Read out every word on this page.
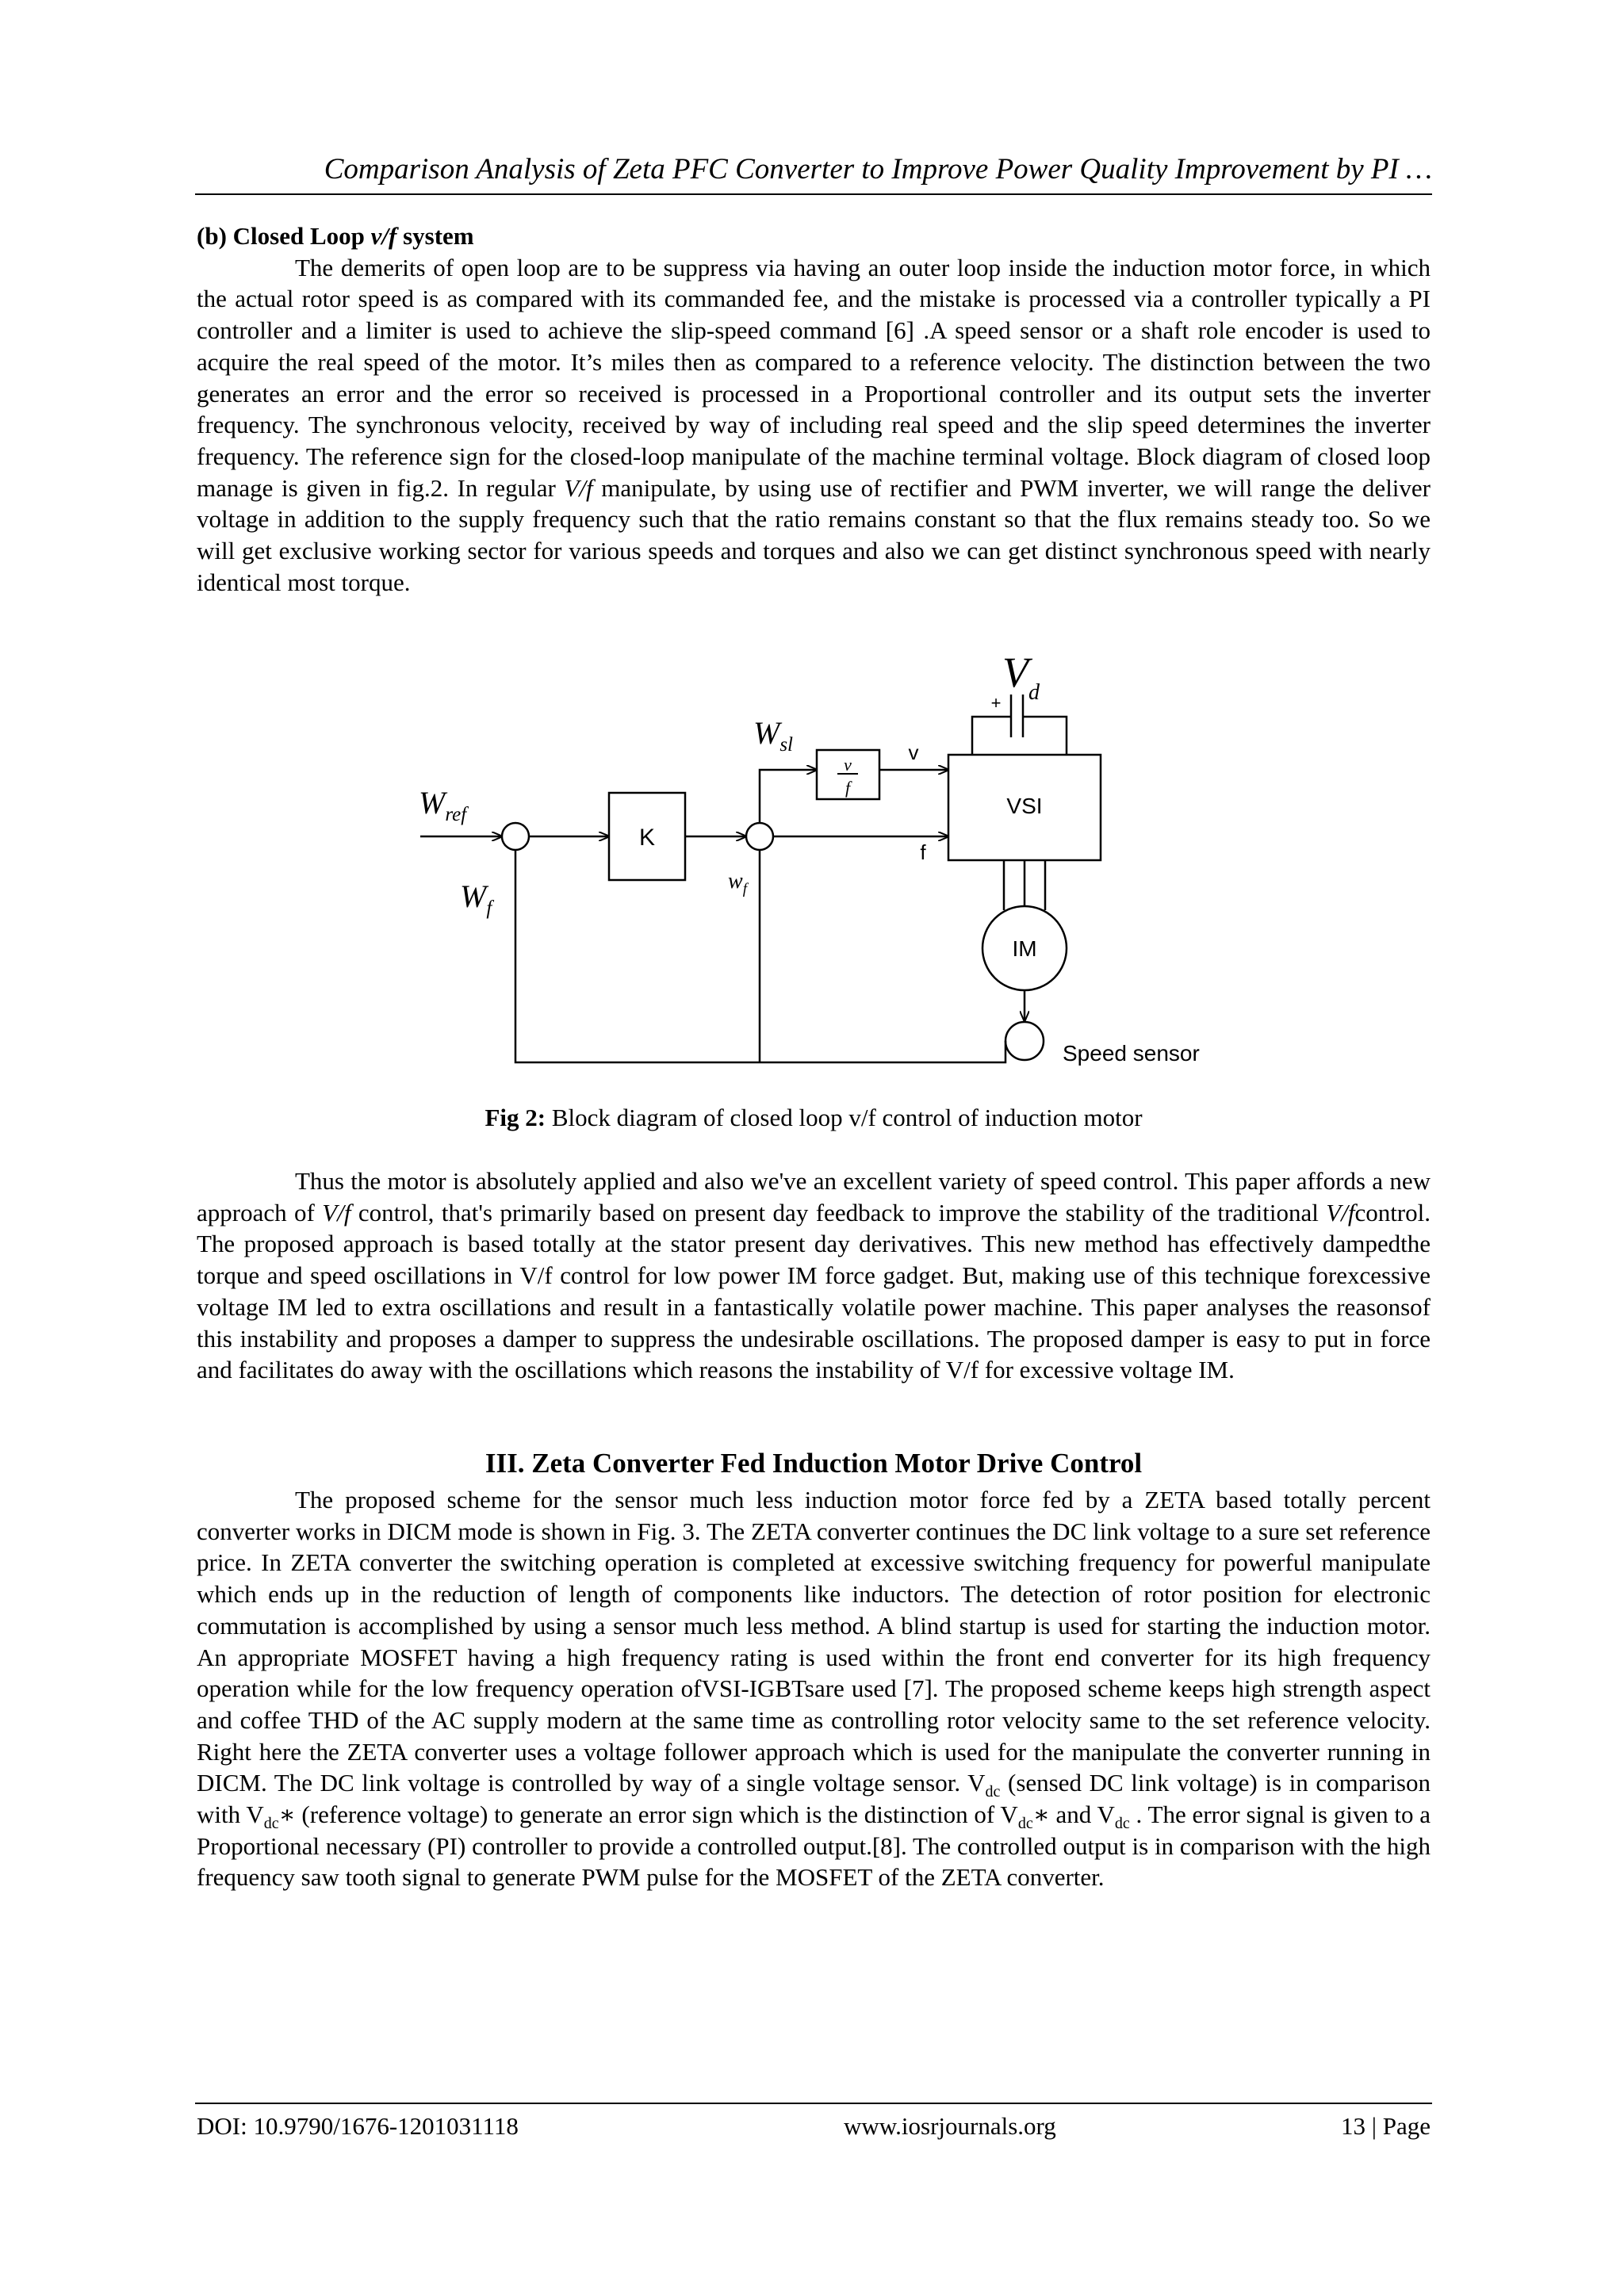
Comparison Analysis of Zeta PFC Converter to Improve Power Quality Improvement by PI …

(b) Closed Loop v/f system

The demerits of open loop are to be suppress via having an outer loop inside the induction motor force, in which the actual rotor speed is as compared with its commanded fee, and the mistake is processed via a controller typically a PI controller and a limiter is used to achieve the slip-speed command [6] .A speed sensor or a shaft role encoder is used to acquire the real speed of the motor. It’s miles then as compared to a reference velocity. The distinction between the two generates an error and the error so received is processed in a Proportional controller and its output sets the inverter frequency. The synchronous velocity, received by way of including real speed and the slip speed determines the inverter frequency. The reference sign for the closed-loop manipulate of the machine terminal voltage. Block diagram of closed loop manage is given in fig.2. In regular V/f manipulate, by using use of rectifier and PWM inverter, we will range the deliver voltage in addition to the supply frequency such that the ratio remains constant so that the flux remains steady too. So we will get exclusive working sector for various speeds and torques and also we can get distinct synchronous speed with nearly identical most torque.

$W_{ref}$
$W_f$
$w_f$
$W_{sl}$
K
v
f
v
f
VSI
IM
$V_d$
+
Speed sensor
Fig 2: Block diagram of closed loop v/f control of induction motor

Thus the motor is absolutely applied and also we've an excellent variety of speed control. This paper affords a new approach of V/f control, that's primarily based on present day feedback to improve the stability of the traditional V/fcontrol. The proposed approach is based totally at the stator present day derivatives. This new method has effectively dampedthe torque and speed oscillations in V/f control for low power IM force gadget. But, making use of this technique forexcessive voltage IM led to extra oscillations and result in a fantastically volatile power machine. This paper analyses the reasonsof this instability and proposes a damper to suppress the undesirable oscillations. The proposed damper is easy to put in force and facilitates do away with the oscillations which reasons the instability of V/f for excessive voltage IM.

III. Zeta Converter Fed Induction Motor Drive Control

The proposed scheme for the sensor much less induction motor force fed by a ZETA based totally percent converter works in DICM mode is shown in Fig. 3. The ZETA converter continues the DC link voltage to a sure set reference price. In ZETA converter the switching operation is completed at excessive switching frequency for powerful manipulate which ends up in the reduction of length of components like inductors. The detection of rotor position for electronic commutation is accomplished by using a sensor much less method. A blind startup is used for starting the induction motor. An appropriate MOSFET having a high frequency rating is used within the front end converter for its high frequency operation while for the low frequency operation ofVSI-IGBTsare used [7]. The proposed scheme keeps high strength aspect and coffee THD of the AC supply modern at the same time as controlling rotor velocity same to the set reference velocity. Right here the ZETA converter uses a voltage follower approach which is used for the manipulate the converter running in DICM. The DC link voltage is controlled by way of a single voltage sensor. $V_{dc}$ (sensed DC link voltage) is in comparison with $V_{dc}∗$ (reference voltage) to generate an error sign which is the distinction of $V_{dc}∗$ and $V_{dc}$ . The error signal is given to a Proportional necessary (PI) controller to provide a controlled output.[8]. The controlled output is in comparison with the high frequency saw tooth signal to generate PWM pulse for the MOSFET of the ZETA converter.

DOI: 10.9790/1676-1201031118	www.iosrjournals.org	13 | Page
